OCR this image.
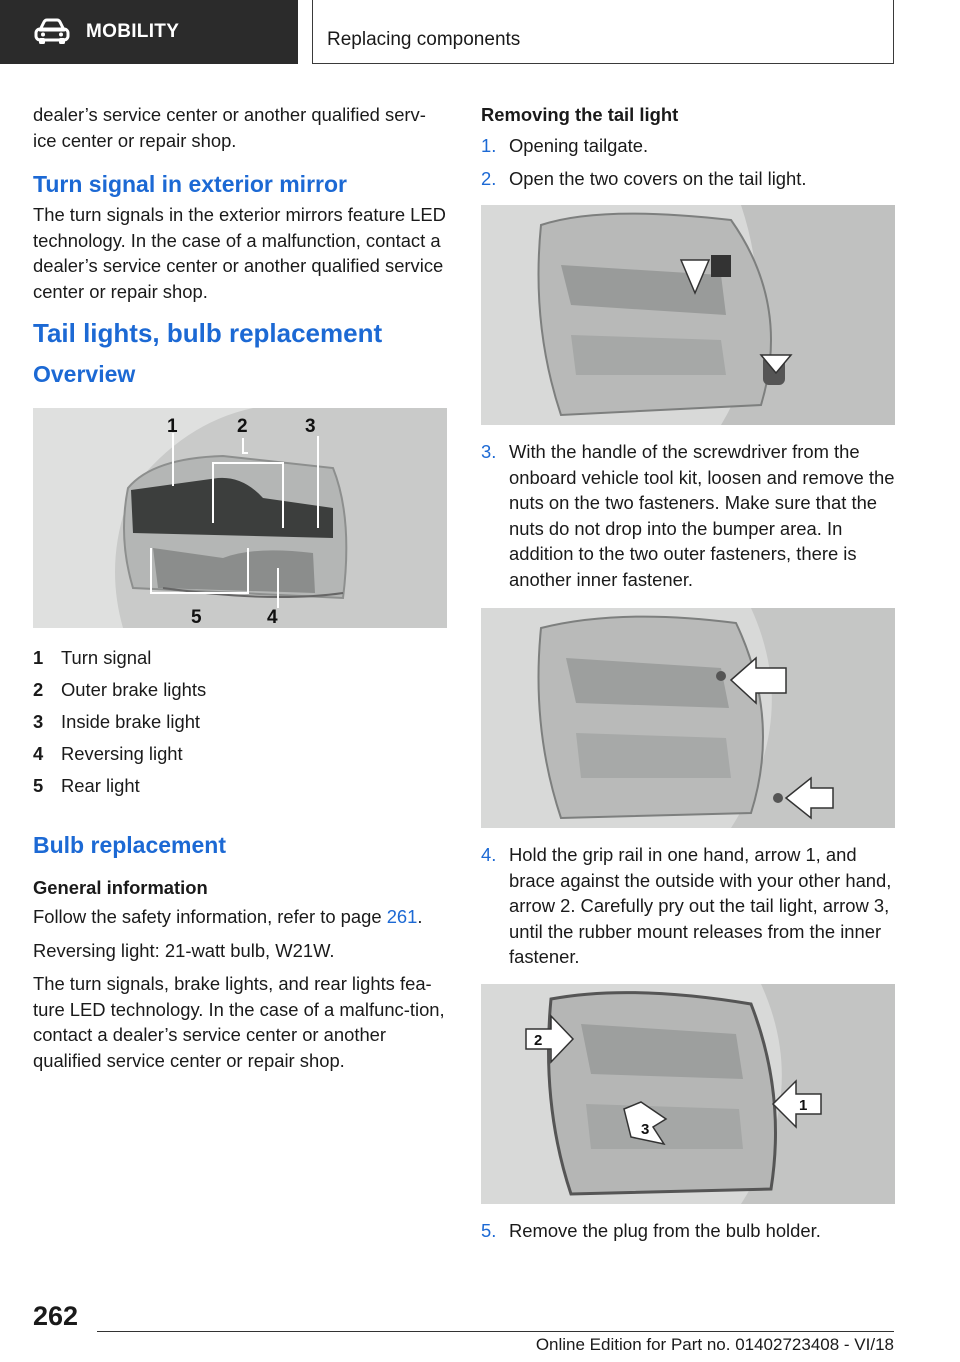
MOBILITY	Replacing components

dealer’s service center or another qualified serv‐ice center or repair shop.

Turn signal in exterior mirror

The turn signals in the exterior mirrors feature LED technology. In the case of a malfunction, contact a dealer’s service center or another qualified service center or repair shop.

Tail lights, bulb replacement
Overview
1	2	3
4
5
1 Turn signal
2 Outer brake lights
3 Inside brake light
4 Reversing light
5 Rear light
Bulb replacement
General information

Follow the safety information, refer to page 261.

Reversing light: 21-watt bulb, W21W.

The turn signals, brake lights, and rear lights fea‐ture LED technology. In the case of a malfunc‐tion, contact a dealer’s service center or another qualified service center or repair shop.

Removing the tail light
1. Opening tailgate.
2. Open the two covers on the tail light.
3. With the handle of the screwdriver from the onboard vehicle tool kit, loosen and remove the nuts on the two fasteners. Make sure that the nuts do not drop into the bumper area. In addition to the two outer fasteners, there is another inner fastener.
4. Hold the grip rail in one hand, arrow 1, and brace against the outside with your other hand, arrow 2. Carefully pry out the tail light, arrow 3, until the rubber mount releases from the inner fastener.
2
1
3
5. Remove the plug from the bulb holder.
262
Online Edition for Part no. 01402723408 - VI/18
